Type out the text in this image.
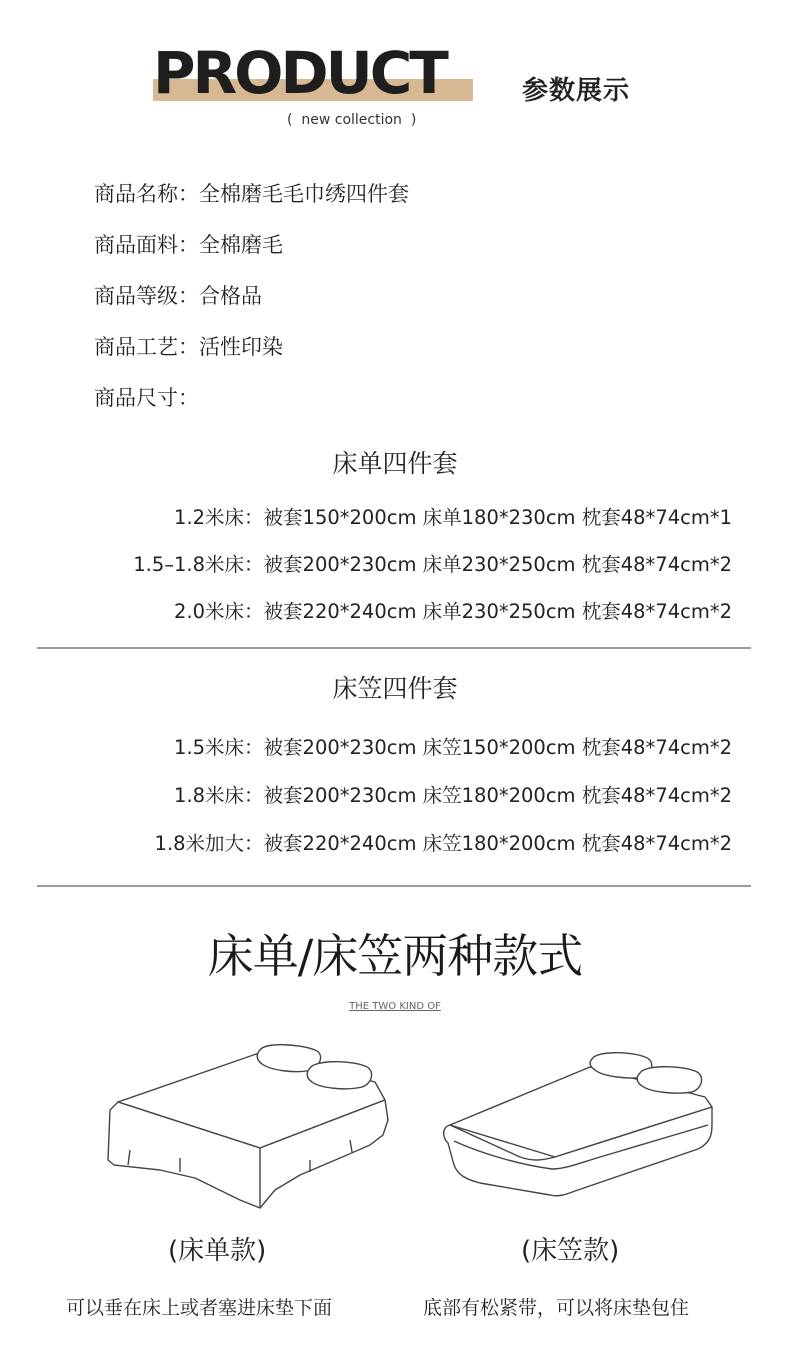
PRODUCT	参数展示
(  new collection  )
商品名称：全棉磨毛毛巾绣四件套
商品面料：全棉磨毛
商品等级：合格品
商品工艺：活性印染
商品尺寸：
床单四件套
1.2米床：被套150*200cm 床单180*230cm 枕套48*74cm*1
1.5–1.8米床：被套200*230cm 床单230*250cm 枕套48*74cm*2
2.0米床：被套220*240cm 床单230*250cm 枕套48*74cm*2
床笠四件套
1.5米床：被套200*230cm 床笠150*200cm 枕套48*74cm*2
1.8米床：被套200*230cm 床笠180*200cm 枕套48*74cm*2
1.8米加大：被套220*240cm 床笠180*200cm 枕套48*74cm*2
床单/床笠两种款式
THE TWO KIND OF
(床单款)	(床笠款)
可以垂在床上或者塞进床垫下面	底部有松紧带，可以将床垫包住
